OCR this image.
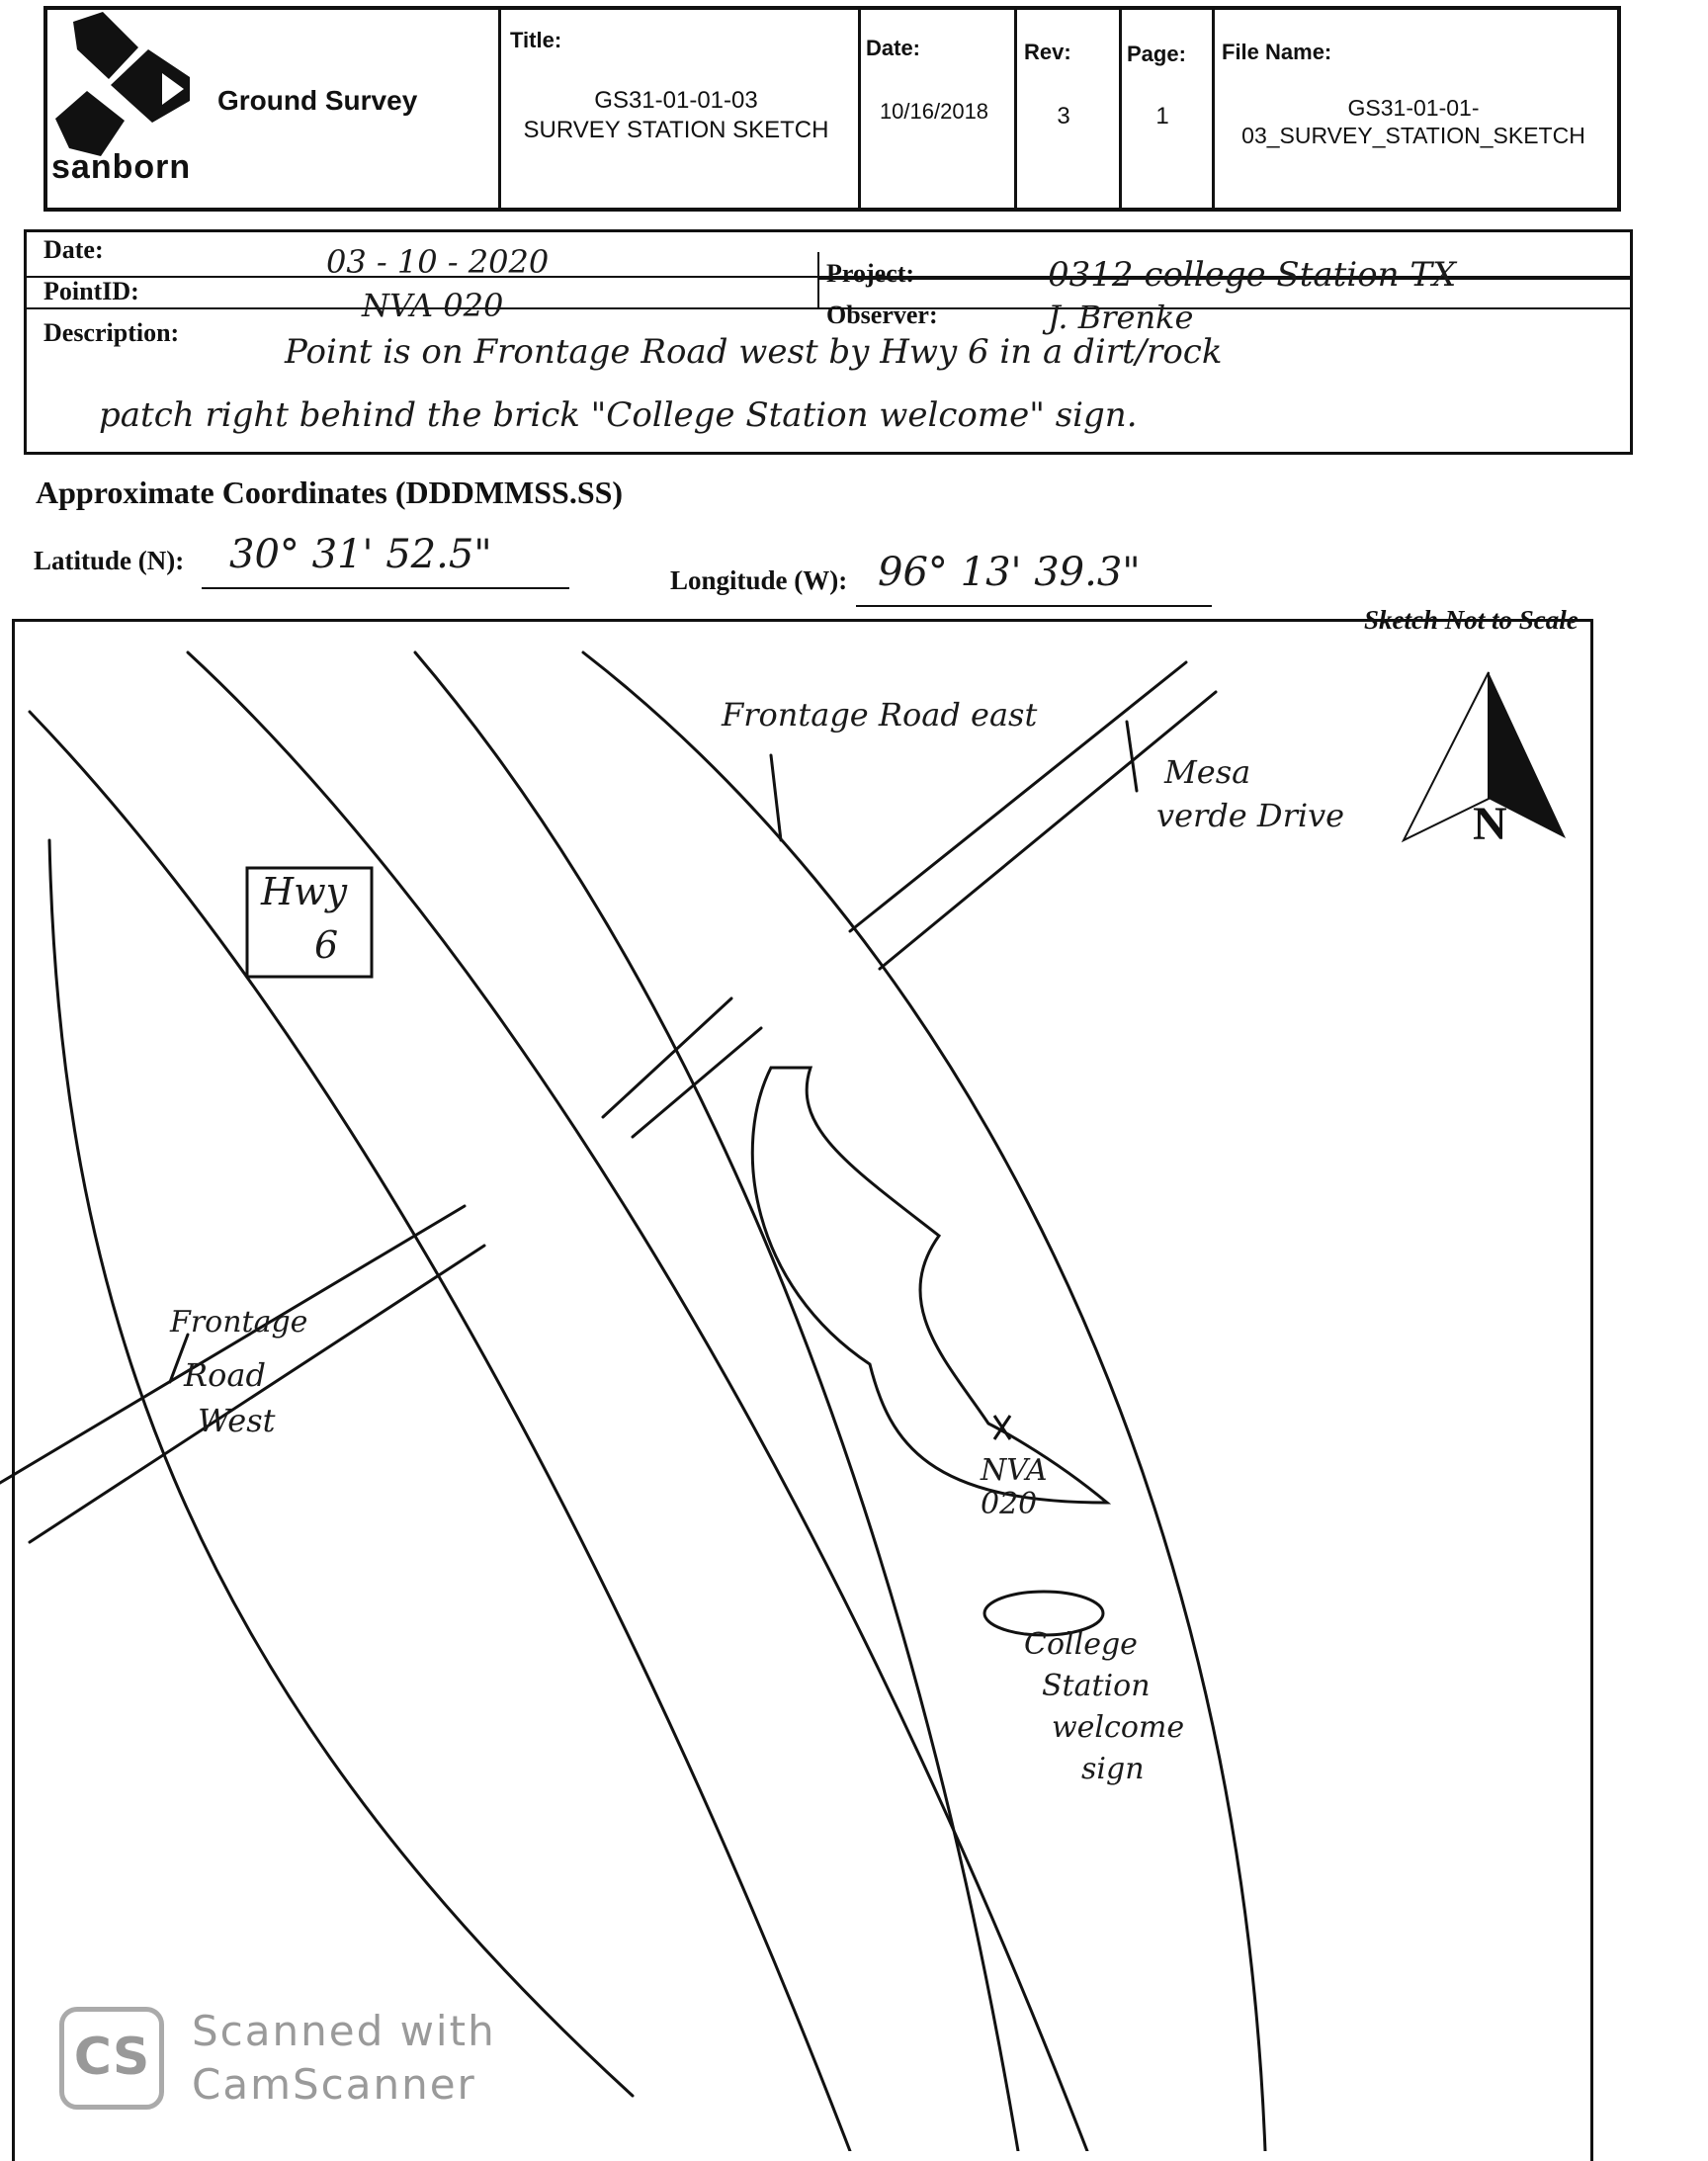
sanborn
Ground Survey
Title:
GS31-01-01-03
SURVEY STATION SKETCH
Date:
10/16/2018
Rev:
3
Page:
1
File Name:
GS31-01-01-
03_SURVEY_STATION_SKETCH
Date:	03 - 10 - 2020
PointID:	NVA 020
Project:	0312 college Station TX
Observer:	J. Brenke
Description:	Point is on Frontage Road west by Hwy 6 in a dirt/rock
patch right behind the brick "College Station welcome" sign.
Approximate Coordinates (DDDMMSS.SS)
Latitude (N):	30° 31' 52.5"
Longitude (W): 96° 13' 39.3"
Sketch Not to Scale
Frontage Road east
Mesa
verde Drive	N
Hwy
6
Frontage
Road
West
NVA
020
College
Station
welcome
sign
CS	Scanned with
CamScanner
